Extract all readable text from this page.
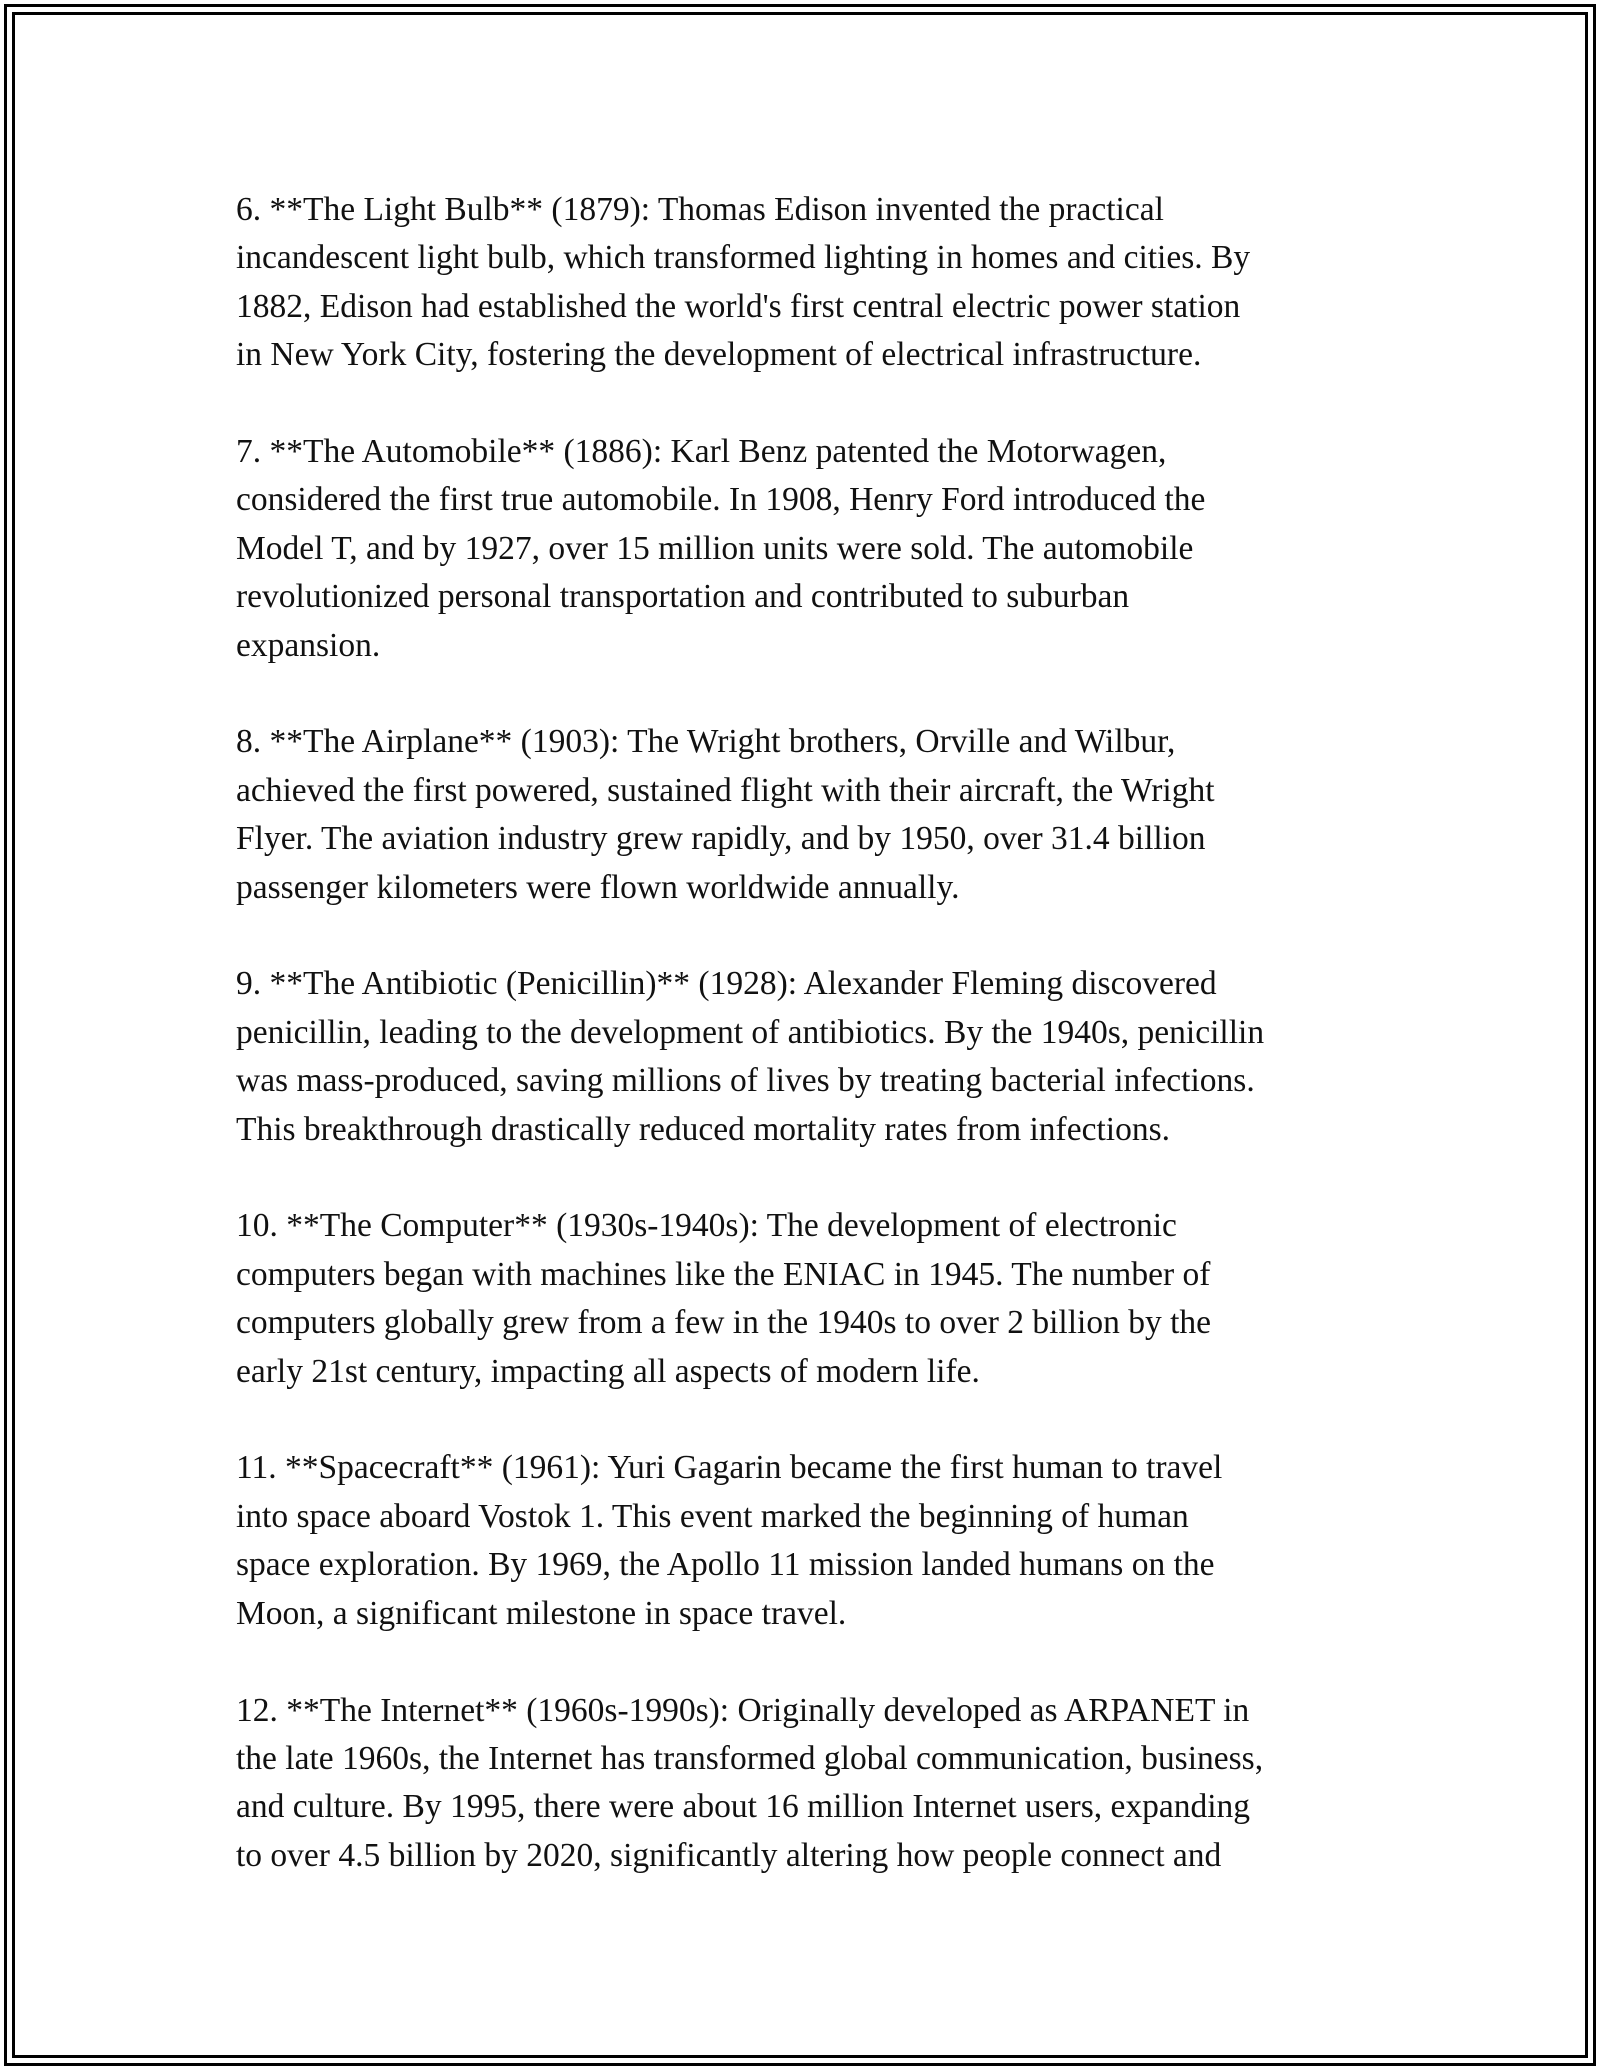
6. **The Light Bulb** (1879): Thomas Edison invented the practical
incandescent light bulb, which transformed lighting in homes and cities. By
1882, Edison had established the world's first central electric power station
in New York City, fostering the development of electrical infrastructure.

7. **The Automobile** (1886): Karl Benz patented the Motorwagen,
considered the first true automobile. In 1908, Henry Ford introduced the
Model T, and by 1927, over 15 million units were sold. The automobile
revolutionized personal transportation and contributed to suburban
expansion.

8. **The Airplane** (1903): The Wright brothers, Orville and Wilbur,
achieved the first powered, sustained flight with their aircraft, the Wright
Flyer. The aviation industry grew rapidly, and by 1950, over 31.4 billion
passenger kilometers were flown worldwide annually.

9. **The Antibiotic (Penicillin)** (1928): Alexander Fleming discovered
penicillin, leading to the development of antibiotics. By the 1940s, penicillin
was mass-produced, saving millions of lives by treating bacterial infections.
This breakthrough drastically reduced mortality rates from infections.

10. **The Computer** (1930s-1940s): The development of electronic
computers began with machines like the ENIAC in 1945. The number of
computers globally grew from a few in the 1940s to over 2 billion by the
early 21st century, impacting all aspects of modern life.

11. **Spacecraft** (1961): Yuri Gagarin became the first human to travel
into space aboard Vostok 1. This event marked the beginning of human
space exploration. By 1969, the Apollo 11 mission landed humans on the
Moon, a significant milestone in space travel.

12. **The Internet** (1960s-1990s): Originally developed as ARPANET in
the late 1960s, the Internet has transformed global communication, business,
and culture. By 1995, there were about 16 million Internet users, expanding
to over 4.5 billion by 2020, significantly altering how people connect and
